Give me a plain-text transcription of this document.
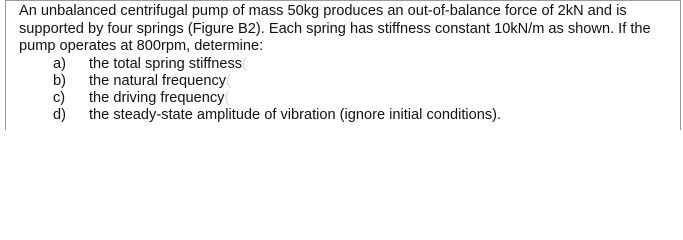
An unbalanced centrifugal pump of mass 50kg produces an out-of-balance force of 2kN and is

supported by four springs (Figure B2). Each spring has stiffness constant 10kN/m as shown. If the

pump operates at 800rpm, determine:

a)	the total spring stiffness(
b)	the natural frequency(
c)	the driving frequency(
d)	the steady-state amplitude of vibration (ignore initial conditions).
